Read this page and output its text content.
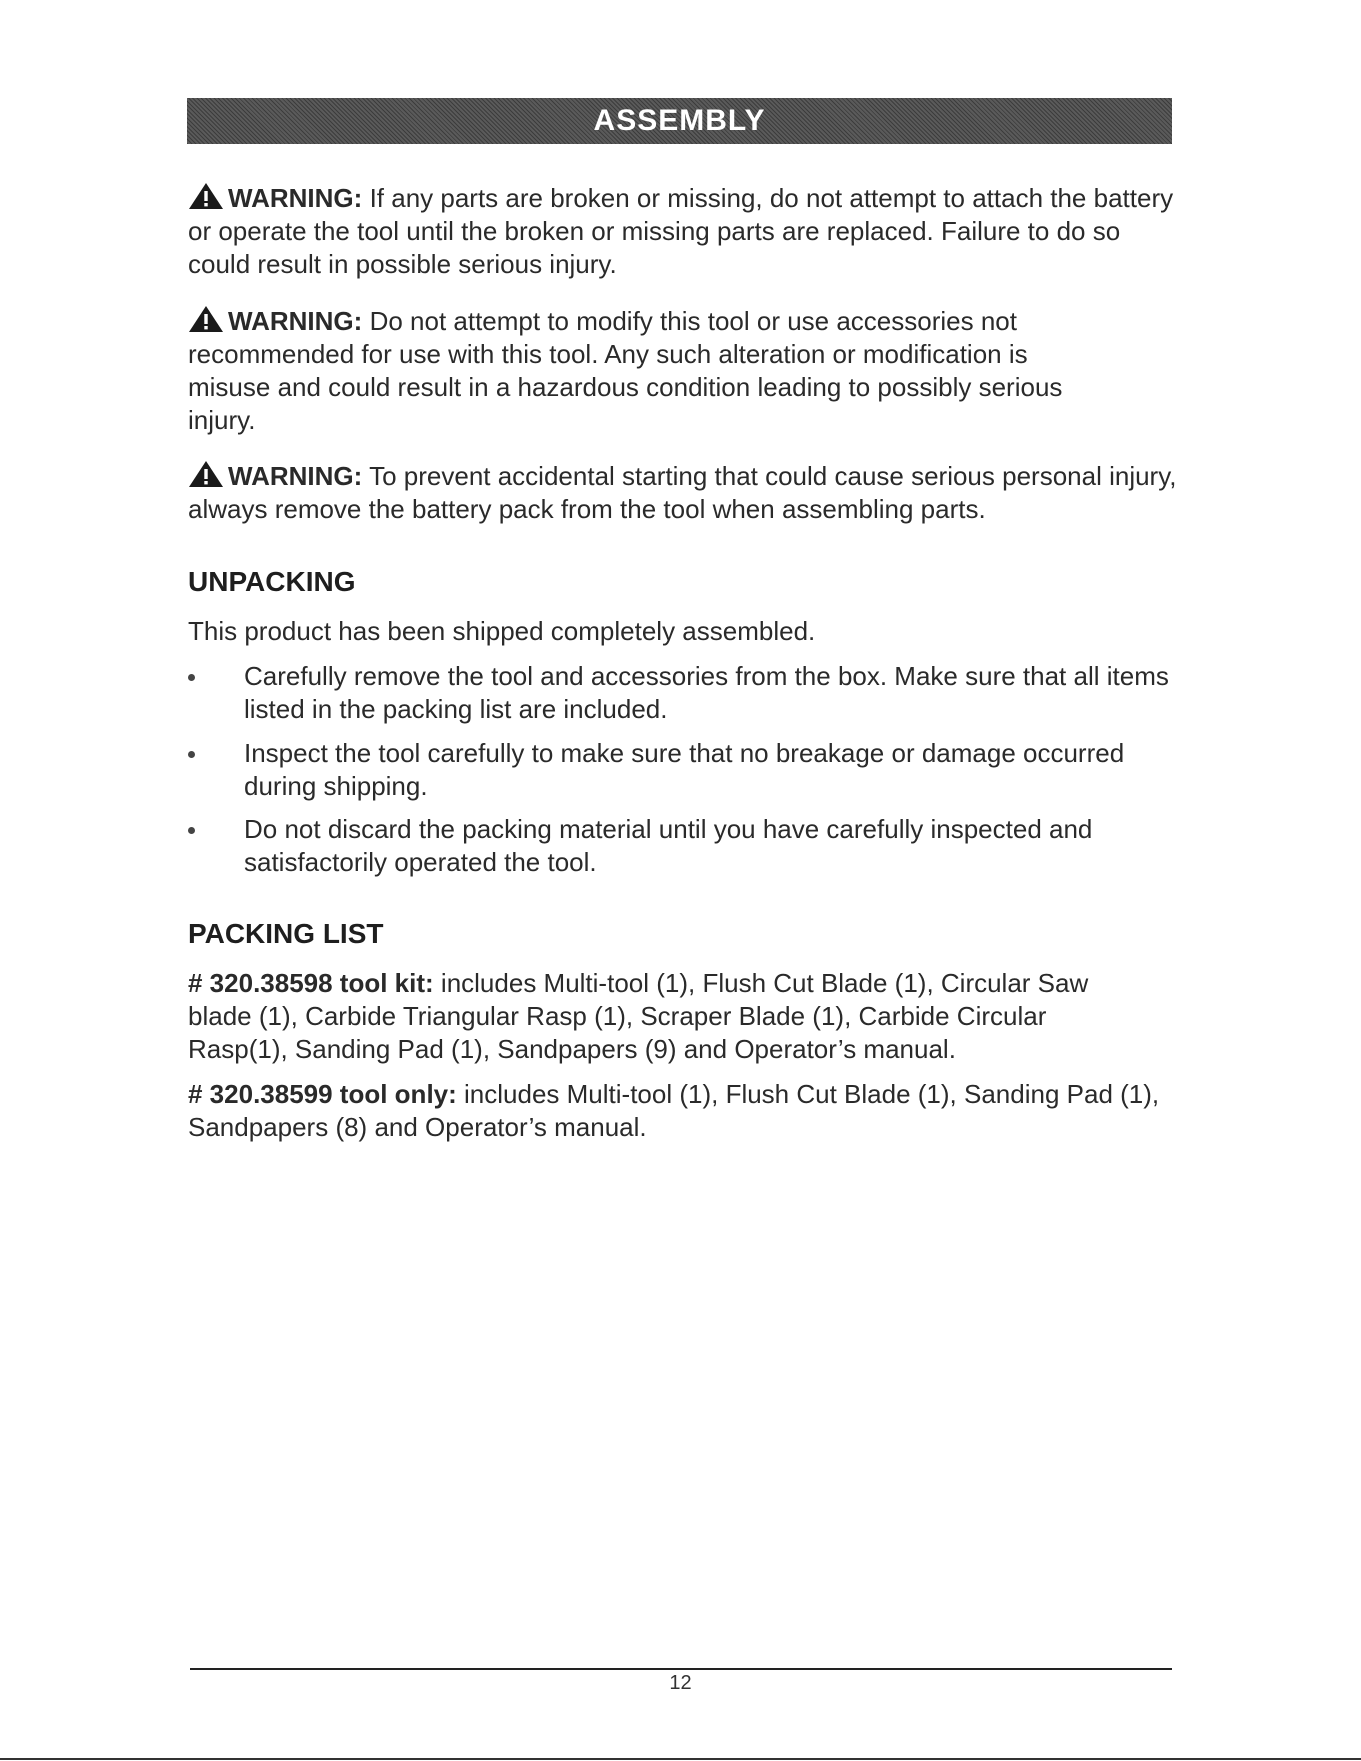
ASSEMBLY
WARNING: If any parts are broken or missing, do not attempt to attach the battery or operate the tool until the broken or missing parts are replaced. Failure to do so could result in possible serious injury.
WARNING: Do not attempt to modify this tool or use accessories not recommended for use with this tool. Any such alteration or modification is misuse and could result in a hazardous condition leading to possibly serious injury.
WARNING: To prevent accidental starting that could cause serious personal injury, always remove the battery pack from the tool when assembling parts.
UNPACKING
This product has been shipped completely assembled.
Carefully remove the tool and accessories from the box. Make sure that all items listed in the packing list are included.
Inspect the tool carefully to make sure that no breakage or damage occurred during shipping.
Do not discard the packing material until you have carefully inspected and satisfactorily operated the tool.
PACKING LIST
# 320.38598 tool kit: includes Multi-tool (1), Flush Cut Blade (1), Circular Saw blade (1), Carbide Triangular Rasp (1), Scraper Blade (1), Carbide Circular Rasp(1), Sanding Pad (1), Sandpapers (9) and Operator’s manual.
# 320.38599 tool only: includes Multi-tool (1), Flush Cut Blade (1), Sanding Pad (1), Sandpapers (8) and Operator’s manual.
12
